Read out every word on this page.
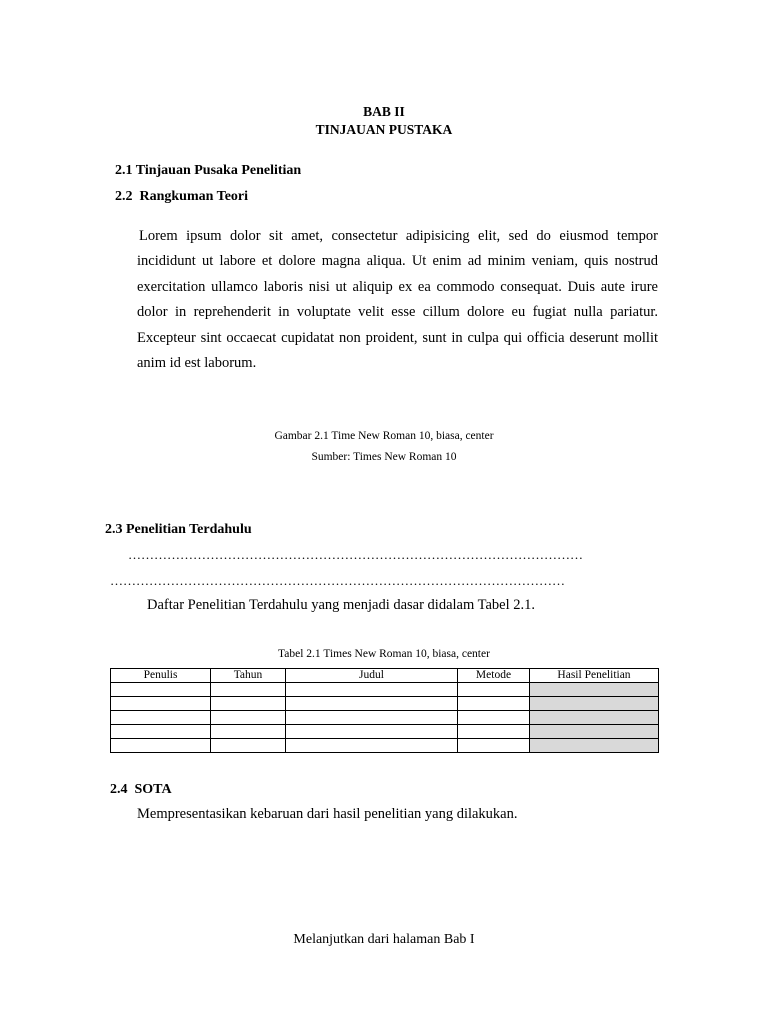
BAB II
TINJAUAN PUSTAKA
2.1 Tinjauan Pusaka Penelitian
2.2  Rangkuman Teori
Lorem ipsum dolor sit amet, consectetur adipisicing elit, sed do eiusmod tempor incididunt ut labore et dolore magna aliqua. Ut enim ad minim veniam, quis nostrud exercitation ullamco laboris nisi ut aliquip ex ea commodo consequat. Duis aute irure dolor in reprehenderit in voluptate velit esse cillum dolore eu fugiat nulla pariatur. Excepteur sint occaecat cupidatat non proident, sunt in culpa qui officia deserunt mollit anim id est laborum.
Gambar 2.1 Time New Roman 10, biasa, center
Sumber: Times New Roman 10
2.3 Penelitian Terdahulu
……………………………………………………………………………………………
……………………………………………………………………………………………
Daftar Penelitian Terdahulu yang menjadi dasar didalam Tabel 2.1.
Tabel 2.1 Times New Roman 10, biasa, center
Penulis	Tahun	Judul	Metode	Hasil Penelitian

2.4  SOTA
Mempresentasikan kebaruan dari hasil penelitian yang dilakukan.
Melanjutkan dari halaman Bab I
